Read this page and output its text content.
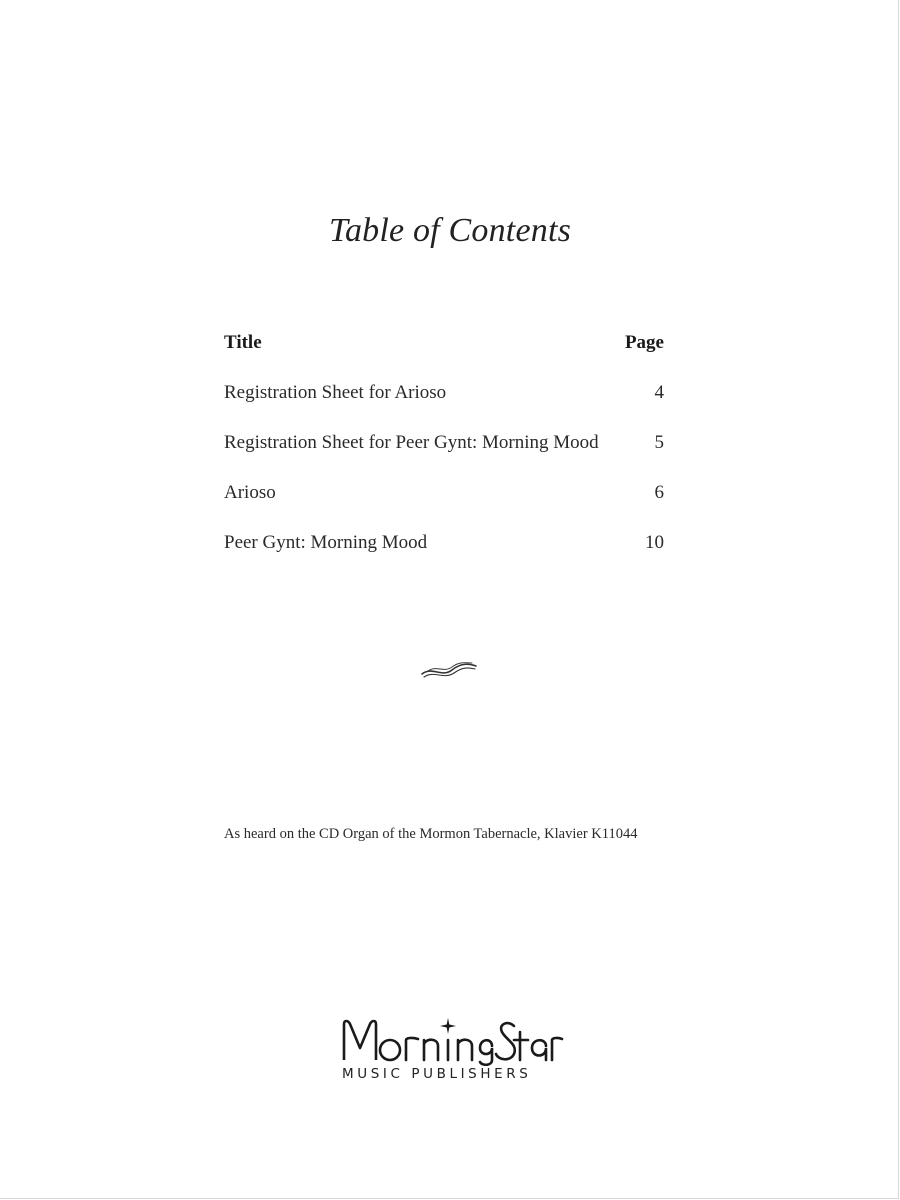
Table of Contents
Title	Page
Registration Sheet for Arioso	4
Registration Sheet for Peer Gynt: Morning Mood	5
Arioso	6
Peer Gynt: Morning Mood	10
As heard on the CD Organ of the Mormon Tabernacle, Klavier K11044
MUSIC PUBLISHERS
